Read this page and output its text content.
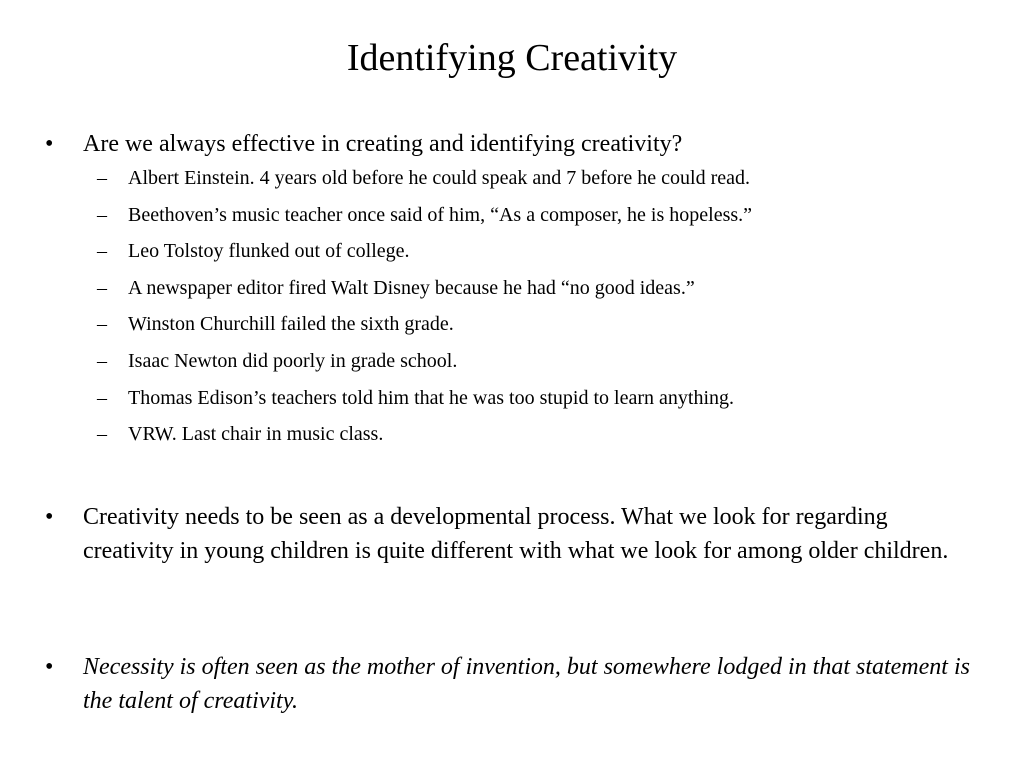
Identifying Creativity
•	Are we always effective in creating and identifying creativity?
– Albert Einstein. 4 years old before he could speak and 7 before he could read.
– Beethoven’s music teacher once said of him, “As a composer, he is hopeless.”
– Leo Tolstoy flunked out of college.
– A newspaper editor fired Walt Disney because he had “no good ideas.”
– Winston Churchill failed the sixth grade.
– Isaac Newton did poorly in grade school.
– Thomas Edison’s teachers told him that he was too stupid to learn anything.
– VRW. Last chair in music class.
•	Creativity needs to be seen as a developmental process. What we look for regarding creativity in young children is quite different with what we look for among older children.
•	Necessity is often seen as the mother of invention, but somewhere lodged in that statement is the talent of creativity.
